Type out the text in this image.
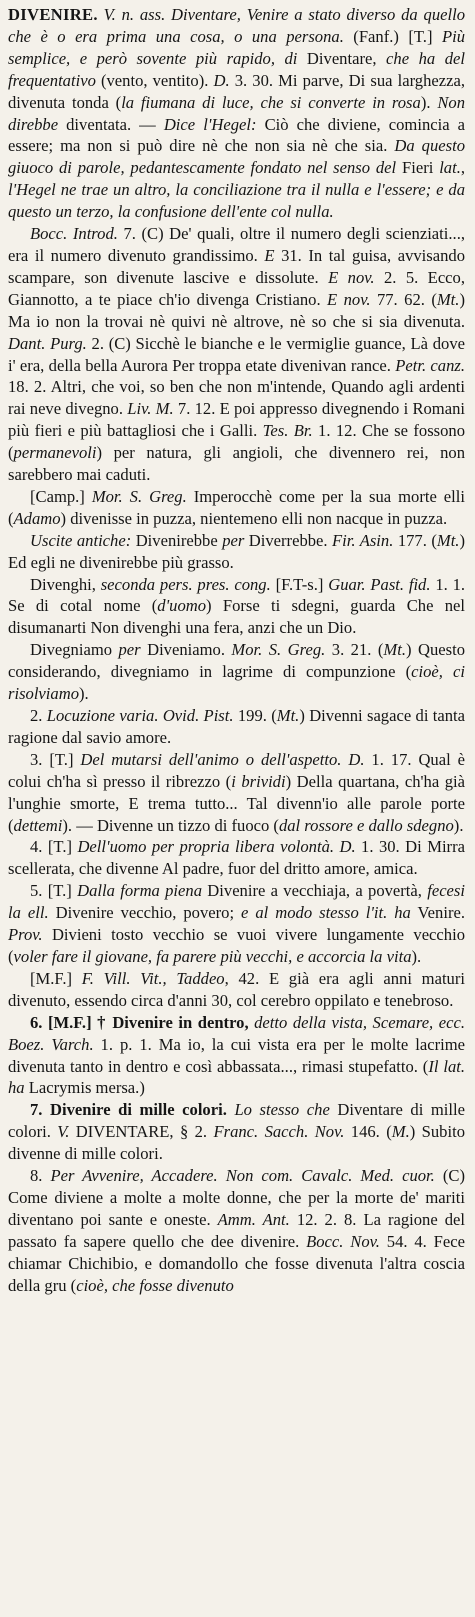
DIVENIRE. V. n. ass. Diventare, Venire a stato diverso da quello che è o era prima una cosa, o una persona. (Fanf.) [T.] Più semplice, e però sovente più rapido, di Diventare, che ha del frequentativo (vento, ventito). D. 3. 30. Mi parve, Di sua larghezza, divenuta tonda (la fiumana di luce, che si converte in rosa). Non direbbe diventata. — Dice l'Hegel: Ciò che diviene, comincia a essere; ma non si può dire nè che non sia nè che sia. Da questo giuoco di parole, pedantescamente fondato nel senso del Fieri lat., l'Hegel ne trae un altro, la conciliazione tra il nulla e l'essere; e da questo un terzo, la confusione dell'ente col nulla.

Bocc. Introd. 7. (C) De' quali, oltre il numero degli scienziati..., era il numero divenuto grandissimo. E 31. In tal guisa, avvisando scampare, son divenute lascive e dissolute. E nov. 2. 5. Ecco, Giannotto, a te piace ch'io divenga Cristiano. E nov. 77. 62. (Mt.) Ma io non la trovai nè quivi nè altrove, nè so che si sia divenuta. Dant. Purg. 2. (C) Sicchè le bianche e le vermiglie guance, Là dove i' era, della bella Aurora Per troppa etate divenivan rance. Petr. canz. 18. 2. Altri, che voi, so ben che non m'intende, Quando agli ardenti rai neve divegno. Liv. M. 7. 12. E poi appresso divegnendo i Romani più fieri e più battagliosi che i Galli. Tes. Br. 1. 12. Che se fossono (permanevoli) per natura, gli angioli, che divennero rei, non sarebbero mai caduti.

[Camp.] Mor. S. Greg. Imperocchè come per la sua morte elli (Adamo) divenisse in puzza, nientemeno elli non nacque in puzza.

Uscite antiche: Divenirebbe per Diverrebbe. Fir. Asin. 177. (Mt.) Ed egli ne divenirebbe più grasso.

Divenghi, seconda pers. pres. cong. [F.T-s.] Guar. Past. fid. 1. 1. Se di cotal nome (d'uomo) Forse ti sdegni, guarda Che nel disumanarti Non divenghi una fera, anzi che un Dio.

Divegniamo per Diveniamo. Mor. S. Greg. 3. 21. (Mt.) Questo considerando, divegniamo in lagrime di compunzione (cioè, ci risolviamo).

2. Locuzione varia. Ovid. Pist. 199. (Mt.) Divenni sagace di tanta ragione dal savio amore.

3. [T.] Del mutarsi dell'animo o dell'aspetto. D. 1. 17. Qual è colui ch'ha sì presso il ribrezzo (i brividi) Della quartana, ch'ha già l'unghie smorte, E trema tutto... Tal divenn'io alle parole porte (dettemi). — Divenne un tizzo di fuoco (dal rossore e dallo sdegno).

4. [T.] Dell'uomo per propria libera volontà. D. 1. 30. Di Mirra scellerata, che divenne Al padre, fuor del dritto amore, amica.

5. [T.] Dalla forma piena Divenire a vecchiaja, a povertà, fecesi la ell. Divenire vecchio, povero; e al modo stesso l'it. ha Venire. Prov. Divieni tosto vecchio se vuoi vivere lungamente vecchio (voler fare il giovane, fa parere più vecchi, e accorcia la vita).

[M.F.] F. Vill. Vit., Taddeo, 42. E già era agli anni maturi divenuto, essendo circa d'anni 30, col cerebro oppilato e tenebroso.

6. [M.F.] † Divenire in dentro, detto della vista, Scemare, ecc. Boez. Varch. 1. p. 1. Ma io, la cui vista era per le molte lacrime divenuta tanto in dentro e così abbassata..., rimasi stupefatto. (Il lat. ha Lacrymis mersa.)

7. Divenire di mille colori. Lo stesso che Diventare di mille colori. V. DIVENTARE, § 2. Franc. Sacch. Nov. 146. (M.) Subito divenne di mille colori.

8. Per Avvenire, Accadere. Non com. Cavalc. Med. cuor. (C) Come diviene a molte a molte donne, che per la morte de' mariti diventano poi sante e oneste. Amm. Ant. 12. 2. 8. La ragione del passato fa sapere quello che dee divenire. Bocc. Nov. 54. 4. Fece chiamar Chichibio, e domandollo che fosse divenuta l'altra coscia della gru (cioè, che fosse divenuto
